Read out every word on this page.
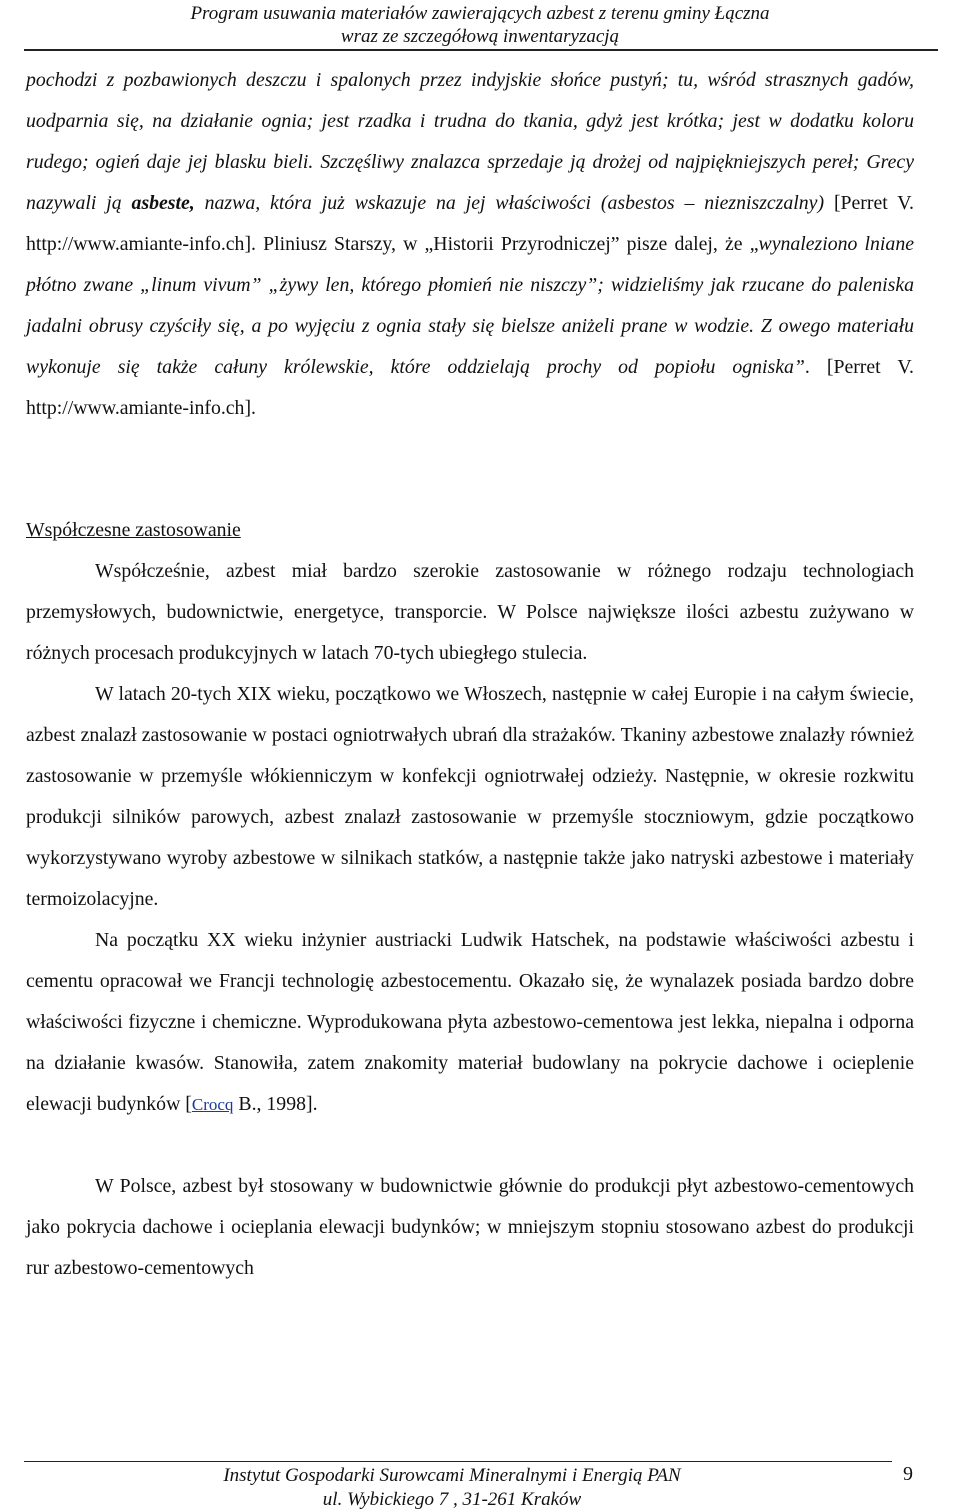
Program usuwania materiałów zawierających azbest z terenu gminy Łączna
wraz ze szczegółową inwentaryzacją

pochodzi z pozbawionych deszczu i spalonych przez indyjskie słońce pustyń; tu, wśród strasznych gadów, uodparnia się, na działanie ognia; jest rzadka i trudna do tkania, gdyż jest krótka; jest w dodatku koloru rudego; ogień daje jej blasku bieli. Szczęśliwy znalazca sprzedaje ją drożej od najpiękniejszych pereł; Grecy nazywali ją asbeste, nazwa, która już wskazuje na jej właściwości (asbestos – niezniszczalny) [Perret V. http://www.amiante-info.ch]. Pliniusz Starszy, w „Historii Przyrodniczej” pisze dalej, że „wynaleziono lniane płótno zwane „linum vivum” „żywy len, którego płomień nie niszczy”; widzieliśmy jak rzucane do paleniska jadalni obrusy czyściły się, a po wyjęciu z ognia stały się bielsze aniżeli prane w wodzie. Z owego materiału wykonuje się także całuny królewskie, które oddzielają prochy od popiołu ogniska”. [Perret V. http://www.amiante-info.ch].

Współczesne zastosowanie

Współcześnie, azbest miał bardzo szerokie zastosowanie w różnego rodzaju technologiach przemysłowych, budownictwie, energetyce, transporcie. W Polsce największe ilości azbestu zużywano w różnych procesach produkcyjnych w latach 70-tych ubiegłego stulecia.

W latach 20-tych XIX wieku, początkowo we Włoszech, następnie w całej Europie i na całym świecie, azbest znalazł zastosowanie w postaci ogniotrwałych ubrań dla strażaków. Tkaniny azbestowe znalazły również zastosowanie w przemyśle włókienniczym w konfekcji ogniotrwałej odzieży. Następnie, w okresie rozkwitu produkcji silników parowych, azbest znalazł zastosowanie w przemyśle stoczniowym, gdzie początkowo wykorzystywano wyroby azbestowe w silnikach statków, a następnie także jako natryski azbestowe i materiały termoizolacyjne.

Na początku XX wieku inżynier austriacki Ludwik Hatschek, na podstawie właściwości azbestu i cementu opracował we Francji technologię azbestocementu. Okazało się, że wynalazek posiada bardzo dobre właściwości fizyczne i chemiczne. Wyprodukowana płyta azbestowo-cementowa jest lekka, niepalna i odporna na działanie kwasów. Stanowiła, zatem znakomity materiał budowlany na pokrycie dachowe i ocieplenie elewacji budynków [Crocq B., 1998].

W Polsce, azbest był stosowany w budownictwie głównie do produkcji płyt azbestowo-cementowych jako pokrycia dachowe i ocieplania elewacji budynków; w mniejszym stopniu stosowano azbest do produkcji rur azbestowo-cementowych

Instytut Gospodarki Surowcami Mineralnymi i Energią PAN
ul. Wybickiego 7 , 31-261 Kraków
9
